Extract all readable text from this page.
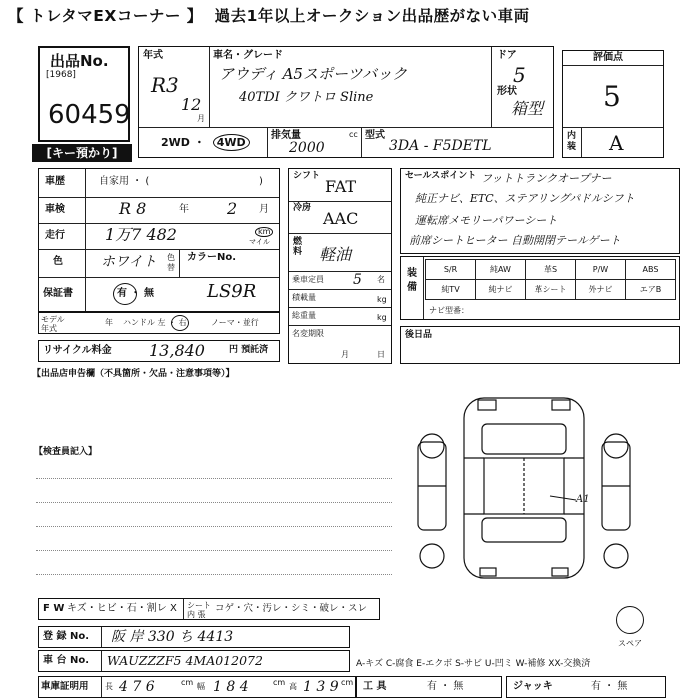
【 トレタマEXコーナー 】 過去1年以上オークション出品歴がない車両
出品No.
[1968]
60459
[キー預かり]
年式
R3
12
月
車名・グレード
アウディ A5スポーツバック
40TDI クワトロ Sline
ドア
5
形状
箱型
2WD ・ 4WD
排気量	cc
2000
型式
3DA - F5DETL
評価点
5
内
装 A
車歴	自家用 ・ (	)
車検	R 8	年 2 月
走行	1万7 482	km
マイル
色	ホワイト 色替
カラーNo.
保証書	有 ・ 無	LS9R
モデル年式
年 ハンドル 左 ・ 右	ノーマ・並行
リサイクル料金 13,840	円 預託済
シフト
FAT
冷房
AAC
燃料 軽油
乗車定員 5 名
積載量	kg
総重量	kg
名変期限
月	日
セールスポイント フットトランクオープナー
純正ナビ、ETC、ステアリングパドルシフト
運転席メモリーパワーシート
前席シートヒーター 自動開閉テールゲート
装
備
S/R	純AW	革S	P/W	ABS
純TV	純ナビ	革シート	外ナビ	エアB
ナビ型番：
後日品
【出品店申告欄（不具箇所・欠品・注意事項等）】
【検査員記入】
A1
スペア
F W キズ・ヒビ・石・割レ X シート
内 張
コゲ・穴・汚レ・シミ・破レ・スレ
登 録 No. 阪 岸 330 ち 4413
車 台 No. WAUZZZF5 4MA012072	A-キズ C-腐食 E-エクボ S-サビ U-凹ミ W-補修 XX-交換済
車庫証明用 長 4 7 6	cm 幅 1 8 4	cm 高 1 3 9 cm 工 具	有 ・ 無	ジャッキ	有 ・ 無
